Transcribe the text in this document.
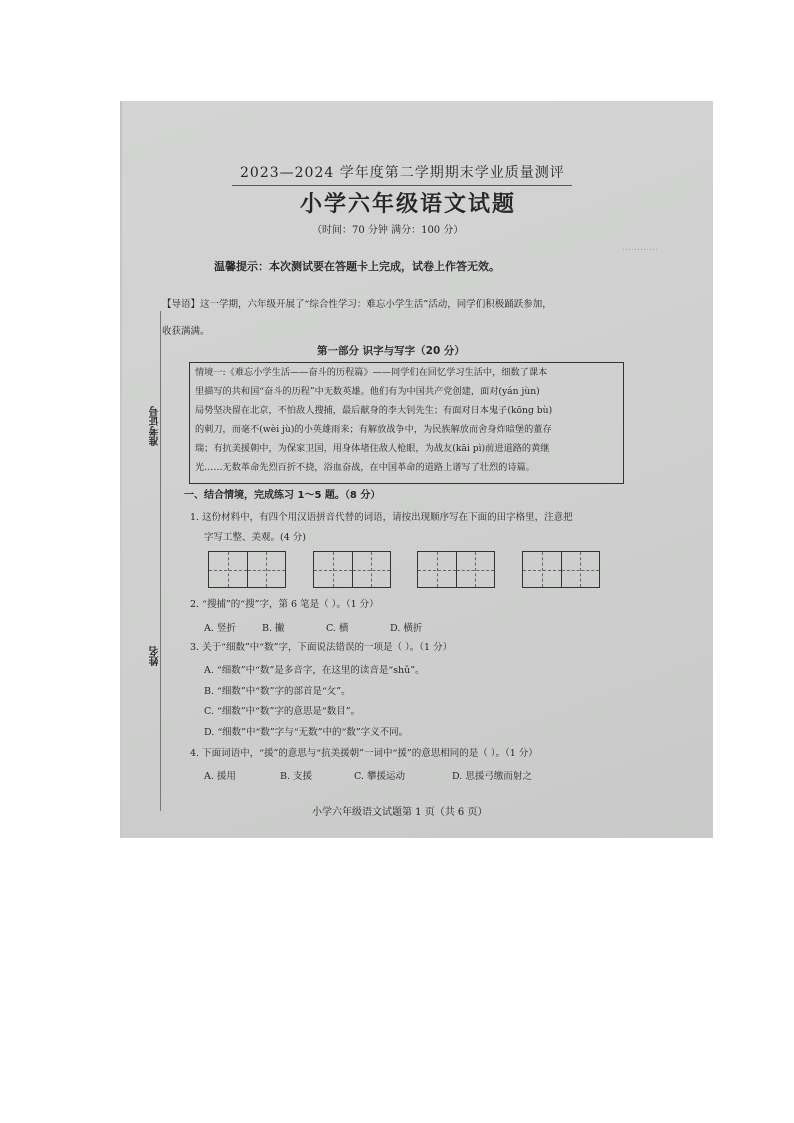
…………
2023—2024 学年度第二学期期末学业质量测评
小学六年级语文试题
（时间：70 分钟 满分：100 分）
温馨提示：本次测试要在答题卡上完成，试卷上作答无效。
【导语】这一学期，六年级开展了“综合性学习：难忘小学生活”活动，同学们积极踊跃参加，
收获满满。
第一部分 识字与写字（20 分）
情境一:《难忘小学生活——奋斗的历程篇》——同学们在回忆学习生活中，细数了课本
里描写的共和国“奋斗的历程”中无数英雄。他们有为中国共产党创建，面对(yán jùn)
局势坚决留在北京，不怕敌人搜捕，最后献身的李大钊先生；有面对日本鬼子(kōng bù)
的刺刀，而毫不(wèi jù)的小英雄雨来；有解放战争中，为民族解放而舍身炸暗堡的董存
瑞；有抗美援朝中，为保家卫国，用身体堵住敌人枪眼，为战友(kāi pì)前进道路的黄继
光……无数革命先烈百折不挠，浴血奋战，在中国革命的道路上谱写了壮烈的诗篇。
准考证号
姓名
一、结合情境，完成练习 1～5 题。（8 分）
1. 这份材料中，有四个用汉语拼音代替的词语，请按出现顺序写在下面的田字格里，注意把
字写工整、美观。(4 分)
2. “搜捕”的“搜”字，第 6 笔是（ ）。（1 分）
A. 竖折	B. 撇	C. 横	D. 横折
3. 关于“细数”中“数”字，下面说法错误的一项是（ ）。（1 分）
A. “细数”中“数”是多音字，在这里的读音是“shǔ”。
B. “细数”中“数”字的部首是“攵”。
C. “细数”中“数”字的意思是“数目”。
D. “细数”中“数”字与“无数”中的“数”字义不同。
4. 下面词语中，“援”的意思与“抗美援朝”一词中“援”的意思相同的是（ ）。（1 分）
A. 援用	B. 支援	C. 攀援运动	D. 思援弓缴而射之
小学六年级语文试题第 1 页（共 6 页）
